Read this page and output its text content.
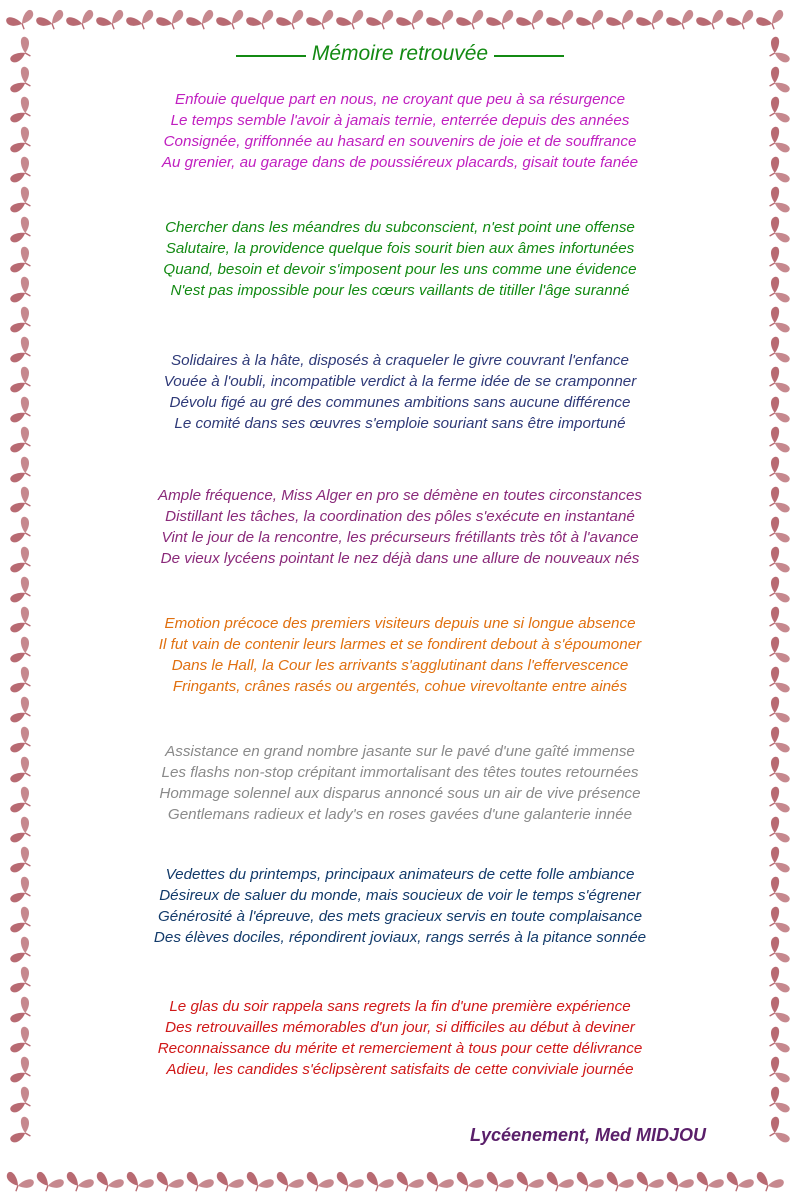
Mémoire retrouvée
Enfouie quelque part en nous, ne croyant que peu à sa résurgence
Le temps semble l'avoir à jamais ternie, enterrée depuis des années
Consignée, griffonnée au hasard en souvenirs de joie et de souffrance
Au grenier, au garage dans de poussiéreux placards, gisait toute fanée
Chercher dans les méandres du subconscient, n'est point une offense
Salutaire, la providence quelque fois sourit bien aux âmes infortunées
Quand, besoin et devoir s'imposent pour les uns comme une évidence
N'est pas impossible pour les cœurs vaillants de titiller l'âge suranné
Solidaires à la hâte, disposés à craqueler le givre couvrant l'enfance
Vouée à l'oubli, incompatible verdict à la ferme idée de se cramponner
Dévolu figé au gré des communes ambitions sans aucune différence
Le comité dans ses œuvres s'emploie souriant sans être importuné
Ample fréquence, Miss Alger en pro se démène en toutes circonstances
Distillant les tâches, la coordination des pôles s'exécute en instantané
Vint le jour de la rencontre, les précurseurs frétillants très tôt à l'avance
De vieux lycéens pointant le nez déjà dans une allure de nouveaux nés
Emotion précoce des premiers visiteurs depuis une si longue absence
Il fut vain de contenir leurs larmes et se fondirent debout à s'époumoner
Dans le Hall, la Cour les arrivants s'agglutinant dans l'effervescence
Fringants, crânes rasés ou argentés, cohue virevoltante entre ainés
Assistance en grand nombre jasante sur le pavé d'une gaîté immense
Les flashs non-stop crépitant immortalisant des têtes toutes retournées
Hommage solennel aux disparus annoncé sous un air de vive présence
Gentlemans radieux et lady's en roses gavées d'une galanterie innée
Vedettes du printemps, principaux animateurs de cette folle ambiance
Désireux de saluer du monde, mais soucieux de voir le temps s'égrener
Générosité à l'épreuve, des mets gracieux servis en toute complaisance
Des élèves dociles, répondirent joviaux, rangs serrés à la pitance sonnée
Le glas du soir rappela sans regrets la fin d'une première expérience
Des retrouvailles mémorables d'un jour, si difficiles au début à deviner
Reconnaissance du mérite et remerciement à tous pour cette délivrance
Adieu, les candides s'éclipsèrent satisfaits de cette conviviale journée
Lycéenement, Med MIDJOU
